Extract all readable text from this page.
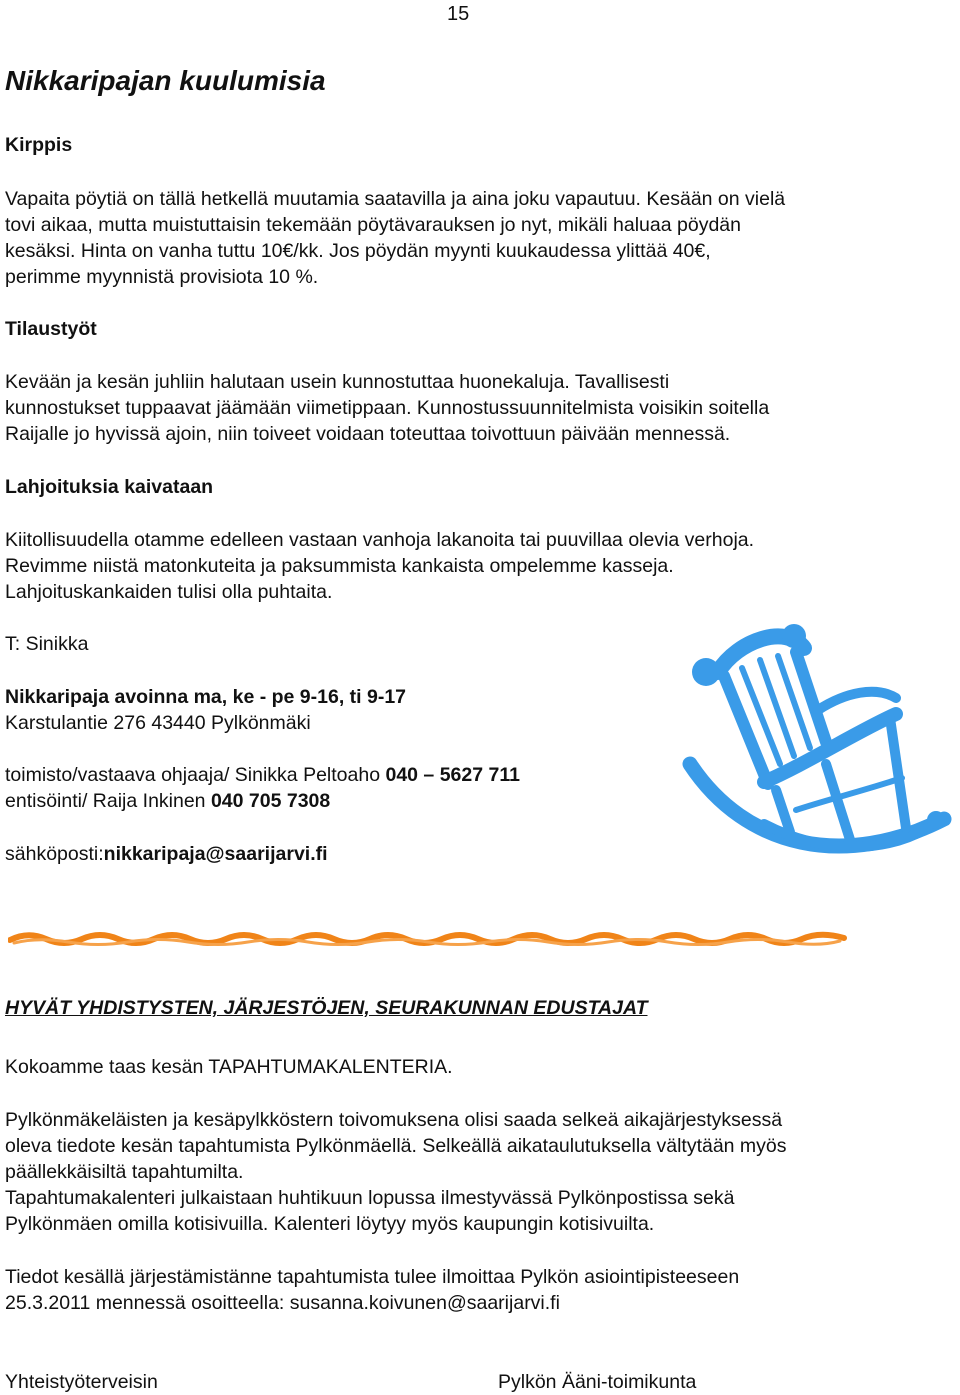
15
Nikkaripajan kuulumisia
Kirppis
Vapaita pöytiä on tällä hetkellä muutamia saatavilla ja aina joku vapautuu. Kesään on vielä
tovi aikaa, mutta muistuttaisin tekemään pöytävarauksen jo nyt, mikäli haluaa pöydän
kesäksi. Hinta on vanha tuttu 10€/kk. Jos pöydän myynti kuukaudessa ylittää 40€,
perimme myynnistä provisiota 10 %.
Tilaustyöt
Kevään ja kesän juhliin halutaan usein kunnostuttaa huonekaluja. Tavallisesti
kunnostukset tuppaavat jäämään viimetippaan. Kunnostussuunnitelmista voisikin soitella
Raijalle jo hyvissä ajoin, niin toiveet voidaan toteuttaa toivottuun päivään mennessä.
Lahjoituksia kaivataan
Kiitollisuudella otamme edelleen vastaan vanhoja lakanoita tai puuvillaa olevia verhoja.
Revimme niistä matonkuteita ja paksummista kankaista ompelemme kasseja.
Lahjoituskankaiden tulisi olla puhtaita.
T: Sinikka
Nikkaripaja avoinna ma, ke - pe 9-16, ti 9-17
Karstulantie 276 43440 Pylkönmäki
toimisto/vastaava ohjaaja/ Sinikka Peltoaho 040 – 5627 711
entisöinti/ Raija Inkinen 040 705 7308
sähköposti:nikkaripaja@saarijarvi.fi
HYVÄT YHDISTYSTEN, JÄRJESTÖJEN, SEURAKUNNAN EDUSTAJAT
Kokoamme taas kesän TAPAHTUMAKALENTERIA.
Pylkönmäkeläisten ja kesäpylkköstern toivomuksena olisi saada selkeä aikajärjestyksessä
oleva tiedote kesän tapahtumista Pylkönmäellä. Selkeällä aikataulutuksella vältytään myös
päällekkäisiltä tapahtumilta.
Tapahtumakalenteri julkaistaan huhtikuun lopussa ilmestyvässä Pylkönpostissa sekä
Pylkönmäen omilla kotisivuilla. Kalenteri löytyy myös kaupungin kotisivuilta.
Tiedot kesällä järjestämistänne tapahtumista tulee ilmoittaa Pylkön asiointipisteeseen
25.3.2011 mennessä osoitteella: susanna.koivunen@saarijarvi.fi
Yhteistyöterveisin	Pylkön Ääni-toimikunta
